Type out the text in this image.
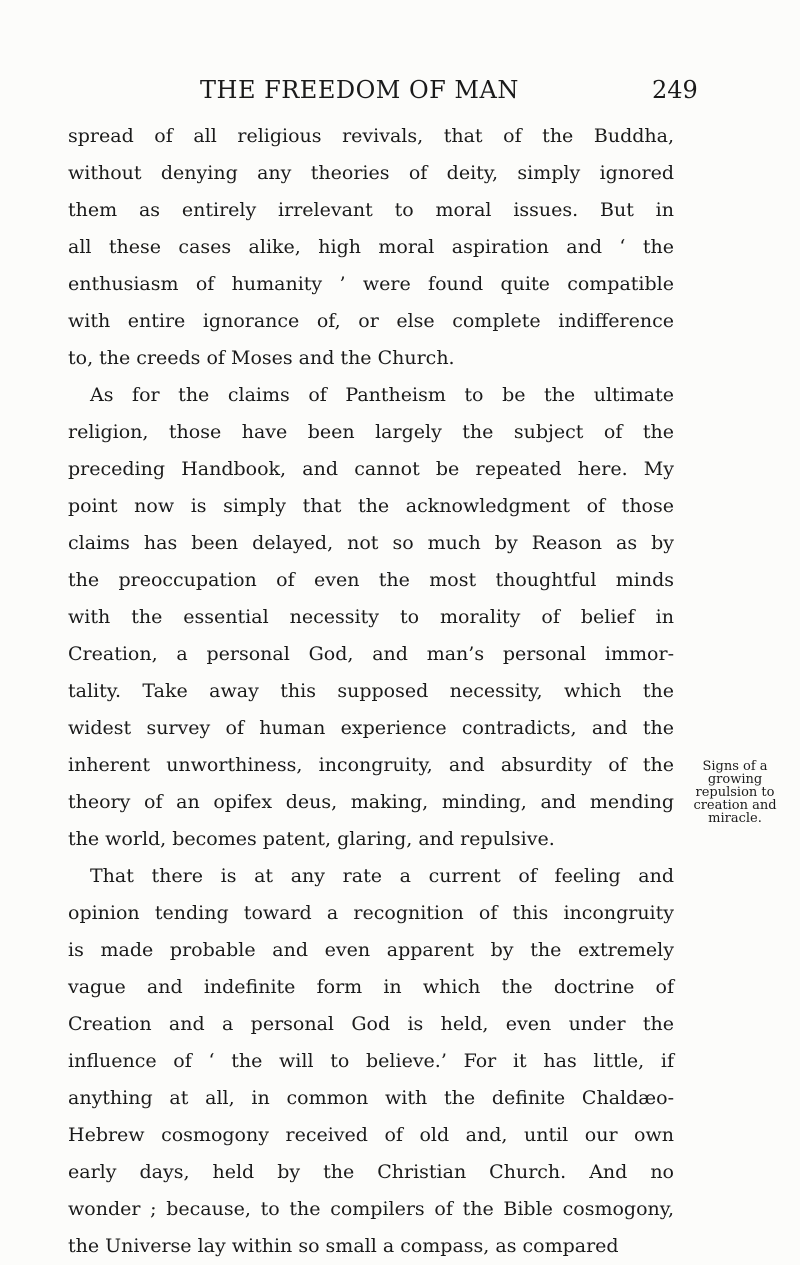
THE FREEDOM OF MAN	249
spread of all religious revivals, that of the Buddha,
without denying any theories of deity, simply ignored
them as entirely irrelevant to moral issues. But in
all these cases alike, high moral aspiration and ‘ the
enthusiasm of humanity ’ were found quite compatible
with entire ignorance of, or else complete indifference
to, the creeds of Moses and the Church.
As for the claims of Pantheism to be the ultimate
religion, those have been largely the subject of the
preceding Handbook, and cannot be repeated here. My
point now is simply that the acknowledgment of those
claims has been delayed, not so much by Reason as by
the preoccupation of even the most thoughtful minds
with the essential necessity to morality of belief in
Creation, a personal God, and man’s personal immor-
tality. Take away this supposed necessity, which the
widest survey of human experience contradicts, and the
inherent unworthiness, incongruity, and absurdity of the
theory of an opifex deus, making, minding, and mending
the world, becomes patent, glaring, and repulsive.
That there is at any rate a current of feeling and
opinion tending toward a recognition of this incongruity
is made probable and even apparent by the extremely
vague and indefinite form in which the doctrine of
Creation and a personal God is held, even under the
influence of ‘ the will to believe.’ For it has little, if
anything at all, in common with the definite Chaldæo-
Hebrew cosmogony received of old and, until our own
early days, held by the Christian Church. And no
wonder ; because, to the compilers of the Bible cosmogony,
the Universe lay within so small a compass, as compared
Signs of a
growing
repulsion to
creation and
miracle.
